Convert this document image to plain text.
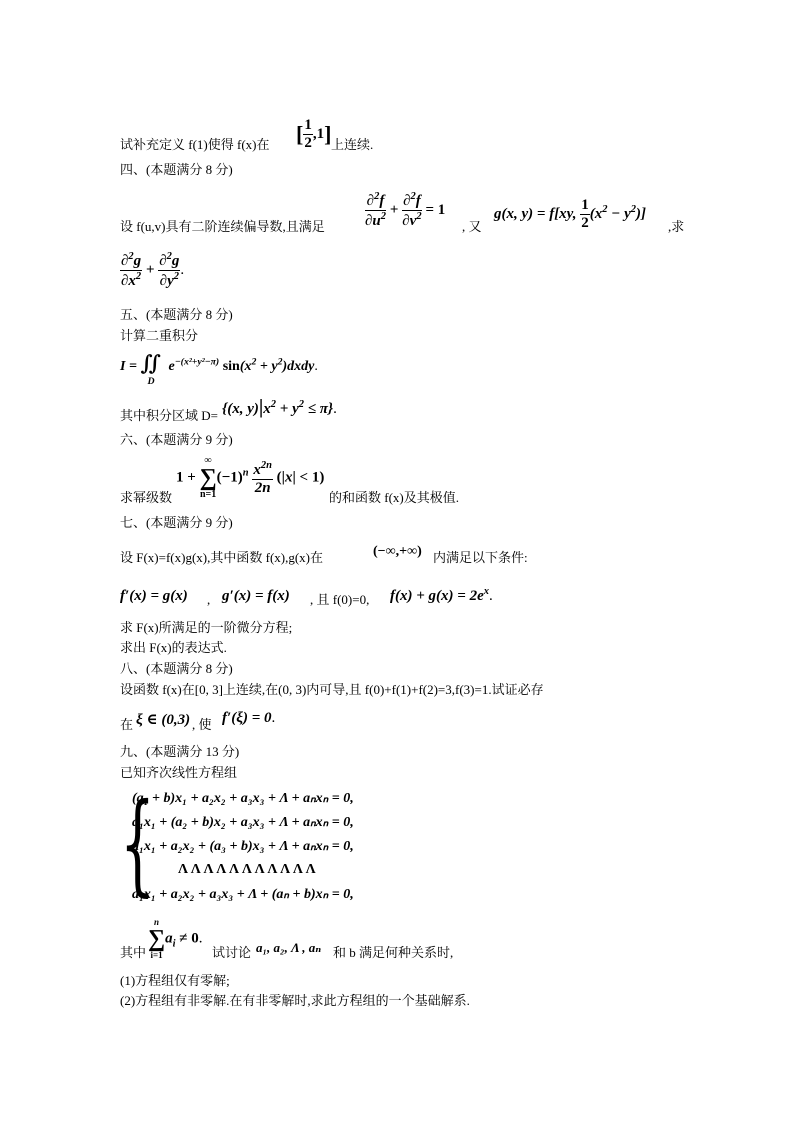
试补充定义 f(1)使得 f(x)在 [ $\frac{1}{2} ,1$] 上连续.
四、(本题满分 8 分)
设 f(u,v)具有二阶连续偏导数,且满足	$\frac{\partial^2f}{\partial u^2} + \frac{\partial^2f}{\partial v^2} = 1$
, 又
g(x, y) = f[xy, $\frac{1}{2} (x^2 - y^2)$]
,求
$\frac{\partial^2g}{\partial x^2} + \frac{\partial^2g}{\partial y^2}$ .
五、(本题满分 8 分)
计算二重积分
$I = ∬_De^{-(x^2+y^2-\pi)}$ $\sin(x^2$ + $y^2)dxdy$.
其中积分区域 D= {(x, $y)|x^2 + y^2 \le \pi$}.
六、(本题满分 9 分)
1 +
∞
∑
n=1
$(-1)^n \frac{x^{2n}}{2n} (|x| < 1)$
求幂级数	的和函数 f(x)及其极值.
七、(本题满分 9 分)
设 F(x)=f(x)g(x),其中函数 f(x),g(x)在	(−∞,+∞) 内满足以下条件:
f′(x) = g(x) , g′(x) = f(x) , 且 f(0)=0, $f(x) + g(x) = 2e^x$.
求 F(x)所满足的一阶微分方程;
求出 F(x)的表达式.
八、(本题满分 8 分)
设函数 f(x)在[0, 3]上连续,在(0, 3)内可导,且 f(0)+f(1)+f(2)=3,f(3)=1.试证必存
在 ξ ∈ (0,3) , 使 f′(ξ) = 0.
九、(本题满分 13 分)
已知齐次线性方程组
{
(a₁ + b)x₁ + a₂x₂ + a₃x₃ + Λ + aₙxₙ = 0,
a₁x₁ + (a₂ + b)x₂ + a₃x₃ + Λ + aₙxₙ = 0,
a₁x₁ + a₂x₂ + (a₃ + b)x₃ + Λ + aₙxₙ = 0,
Λ Λ Λ Λ Λ Λ Λ Λ Λ Λ Λ
a₁x₁ + a₂x₂ + a₃x₃ + Λ + (aₙ + b)xₙ = 0,
其中
n
∑
i=1
$a_i \ne 0$.
试讨论 a₁, a₂, Λ , aₙ 和 b 满足何种关系时,
(1)方程组仅有零解;
(2)方程组有非零解.在有非零解时,求此方程组的一个基础解系.
